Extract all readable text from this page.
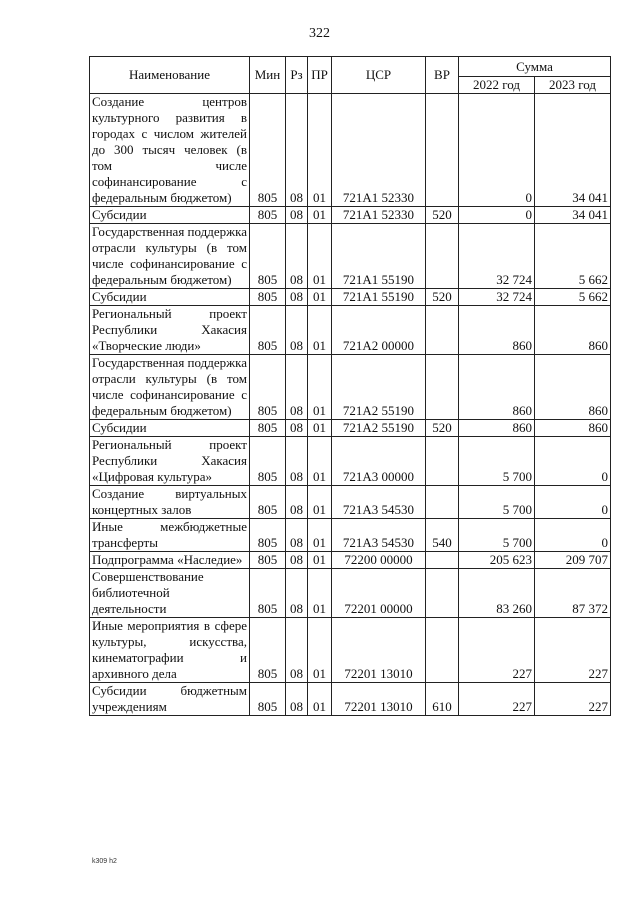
322
Наименование	Мин	Рз	ПР	ЦСР	ВР	Сумма	
						2022 год	2023 год
Создание центров культурного развития в городах с числом жителей до 300 тысяч человек (в том числе софинансирование с федеральным бюджетом)	805	08	01	721А1 52330		0	34 041
Субсидии	805	08	01	721А1 52330	520	0	34 041
Государственная поддержка отрасли культуры (в том числе софинансирование с федеральным бюджетом)	805	08	01	721А1 55190		32 724	5 662
Субсидии	805	08	01	721А1 55190	520	32 724	5 662
Региональный проект Республики Хакасия «Творческие люди»	805	08	01	721А2 00000		860	860
Государственная поддержка отрасли культуры (в том числе софинансирование с федеральным бюджетом)	805	08	01	721А2 55190		860	860
Субсидии	805	08	01	721А2 55190	520	860	860
Региональный проект Республики Хакасия «Цифровая культура»	805	08	01	721А3 00000		5 700	0
Создание виртуальных концертных залов	805	08	01	721А3 54530		5 700	0
Иные межбюджетные трансферты	805	08	01	721А3 54530	540	5 700	0
Подпрограмма «Наследие»	805	08	01	72200 00000		205 623	209 707
Совершенствование библиотечной деятельности	805	08	01	72201 00000		83 260	87 372
Иные мероприятия в сфере культуры, искусства, кинематографии и архивного дела	805	08	01	72201 13010		227	227
Субсидии бюджетным учреждениям	805	08	01	72201 13010	610	227	227
k309 h2
